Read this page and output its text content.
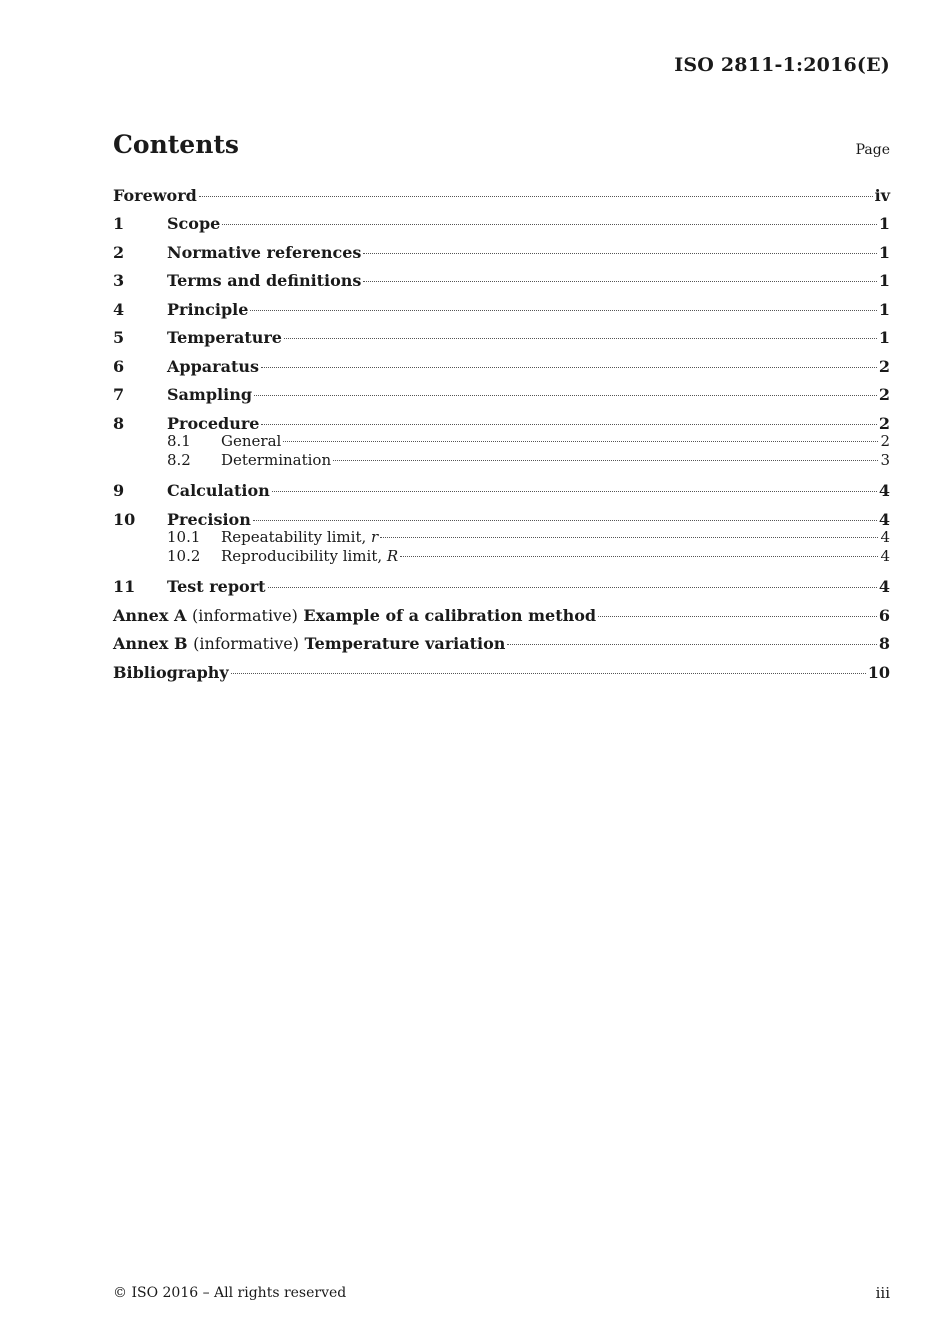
ISO 2811-1:2016(E)
Contents	Page
Foreword	iv
1	Scope	1
2	Normative references	1
3	Terms and definitions	1
4	Principle	1
5	Temperature	1
6	Apparatus	2
7	Sampling	2
8	Procedure	2
8.1	General	2
8.2	Determination	3
9	Calculation	4
10	Precision	4
10.1	Repeatability limit, r	4
10.2	Reproducibility limit, R	4
11	Test report	4
Annex A (informative) Example of a calibration method	6
Annex B (informative) Temperature variation	8
Bibliography	10
© ISO 2016 – All rights reserved	iii
